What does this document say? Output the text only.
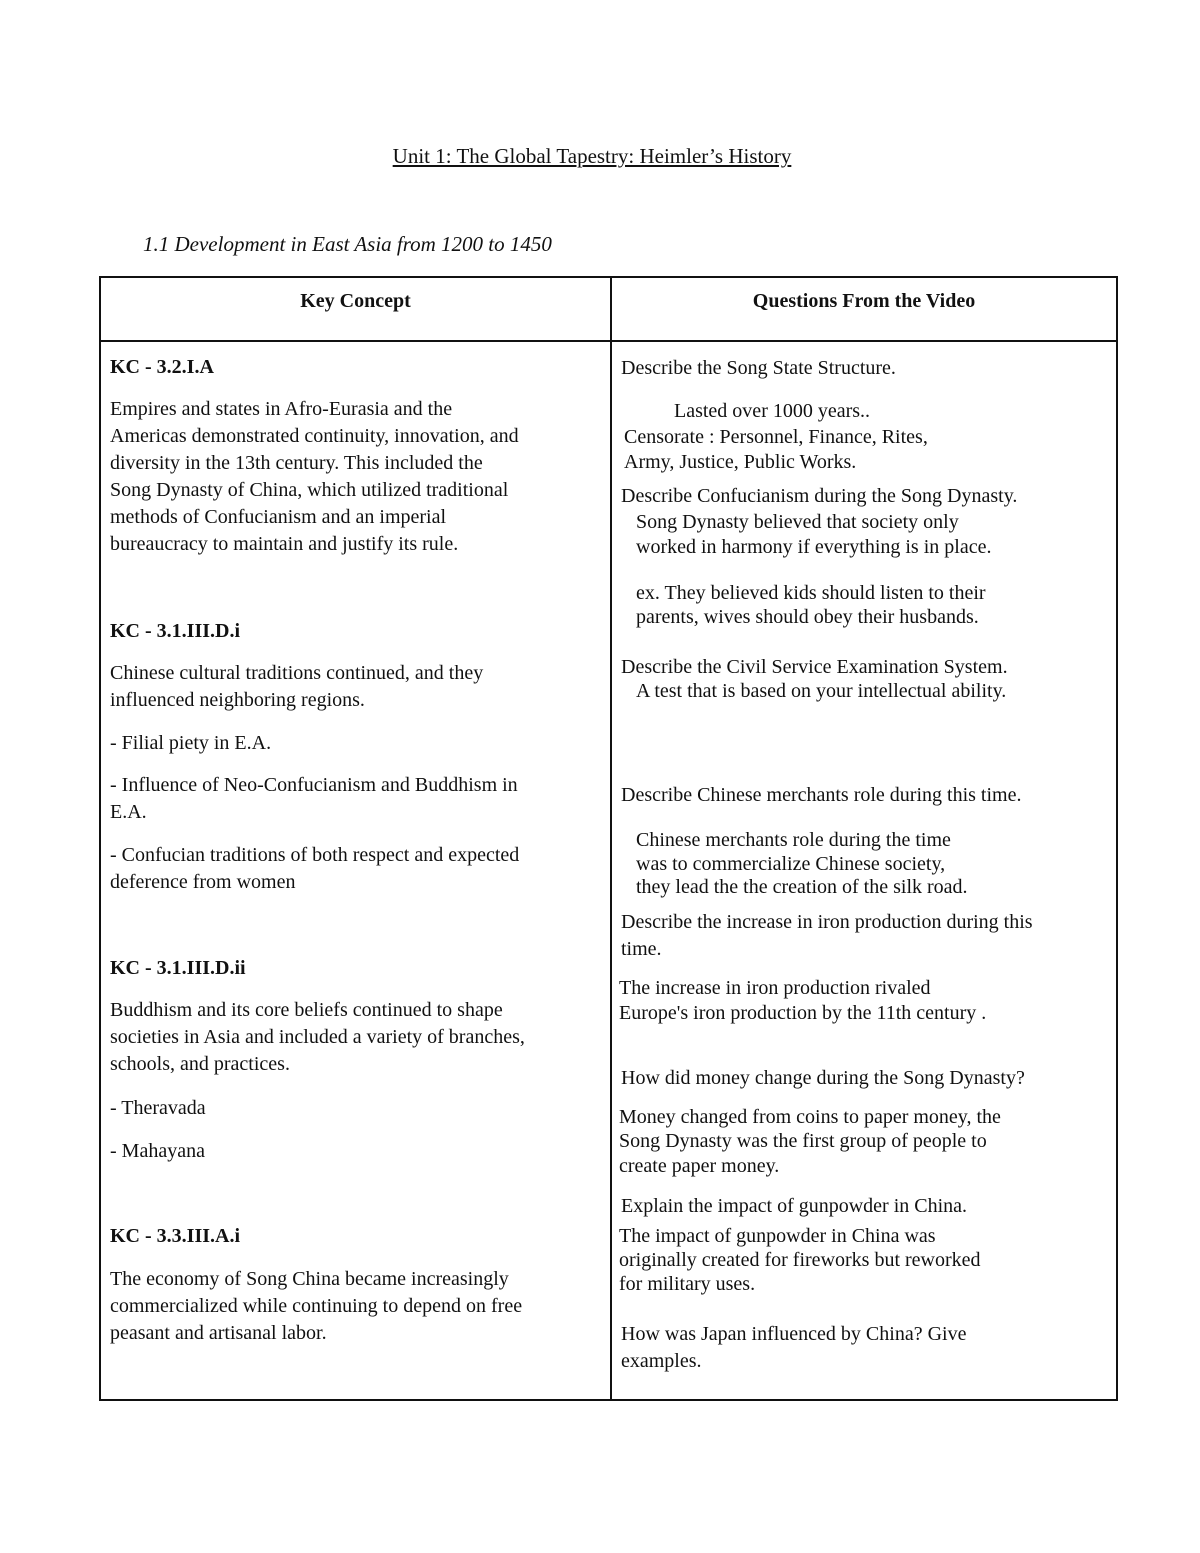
Unit 1: The Global Tapestry: Heimler’s History
1.1 Development in East Asia from 1200 to 1450
Key Concept	Questions From the Video
KC - 3.2.I.A
Empires and states in Afro-Eurasia and the
Americas demonstrated continuity, innovation, and
diversity in the 13th century. This included the
Song Dynasty of China, which utilized traditional
methods of Confucianism and an imperial
bureaucracy to maintain and justify its rule.
KC - 3.1.III.D.i
Chinese cultural traditions continued, and they
influenced neighboring regions.
- Filial piety in E.A.
- Influence of Neo-Confucianism and Buddhism in
E.A.
- Confucian traditions of both respect and expected
deference from women
KC - 3.1.III.D.ii
Buddhism and its core beliefs continued to shape
societies in Asia and included a variety of branches,
schools, and practices.
- Theravada
- Mahayana
KC - 3.3.III.A.i
The economy of Song China became increasingly
commercialized while continuing to depend on free
peasant and artisanal labor.
Describe the Song State Structure.
Lasted over 1000 years..
Censorate : Personnel, Finance, Rites,
Army, Justice, Public Works.
Describe Confucianism during the Song Dynasty.
Song Dynasty believed that society only
worked in harmony if everything is in place.
ex. They believed kids should listen to their
parents, wives should obey their husbands.
Describe the Civil Service Examination System.
A test that is based on your intellectual ability.
Describe Chinese merchants role during this time.
Chinese merchants role during the time
was to commercialize Chinese society,
they lead the the creation of the silk road.
Describe the increase in iron production during this
time.
The increase in iron production rivaled
Europe's iron production by the 11th century .
How did money change during the Song Dynasty?
Money changed from coins to paper money, the
Song Dynasty was the first group of people to
create paper money.
Explain the impact of gunpowder in China.
The impact of gunpowder in China was
originally created for fireworks but reworked
for military uses.
How was Japan influenced by China? Give
examples.
